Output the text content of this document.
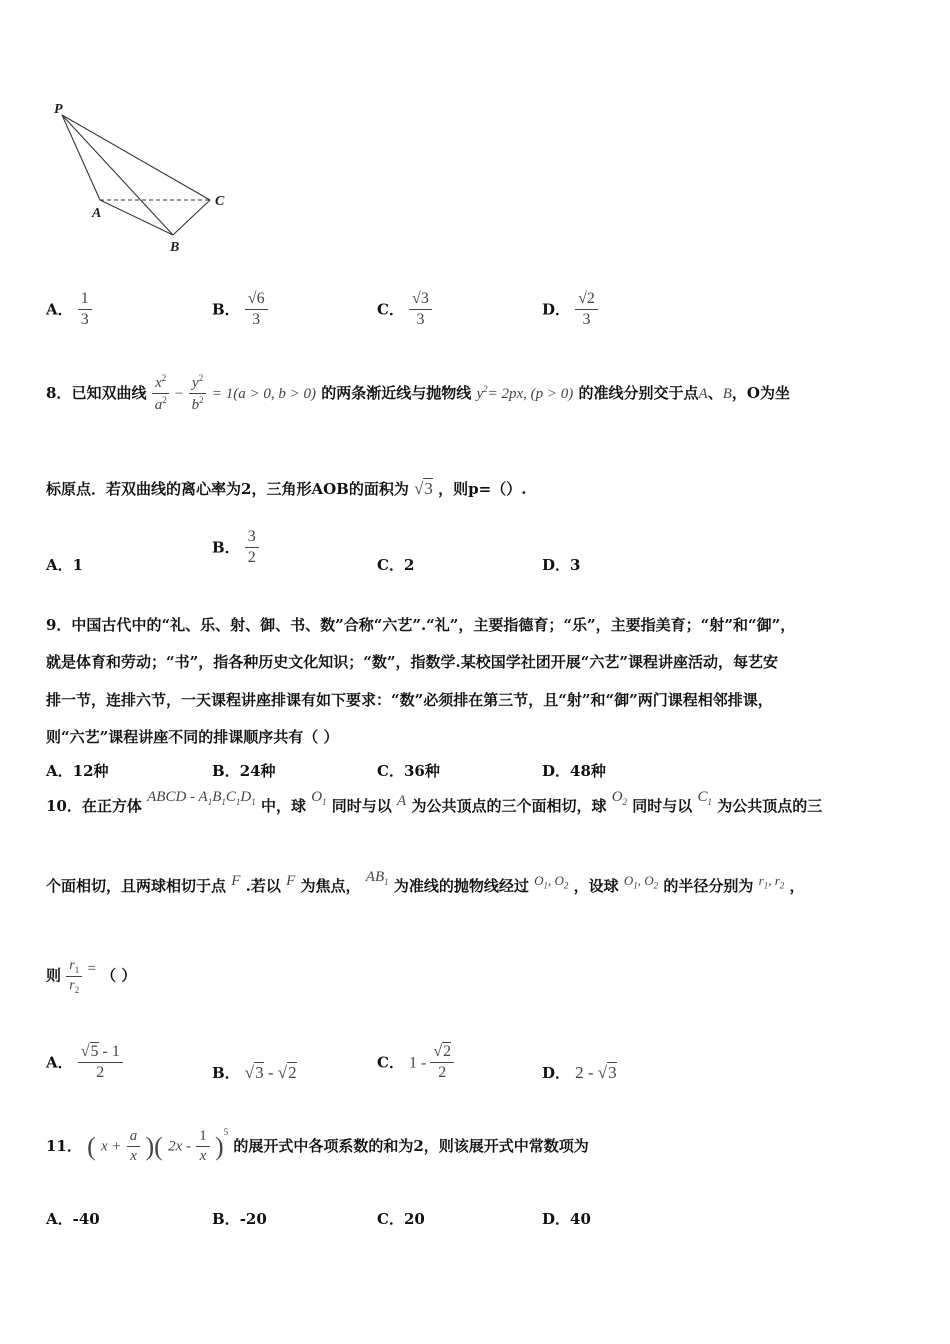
P
A
B
C
A． $\frac{1}{3}$	B． $\frac{√6}{3}$	C． $\frac{√3}{3}$	D． $\frac{√2}{3}$
8．已知双曲线 $\frac{x^2}{a^2} - \frac{y^2}{b^2} = 1(a > 0$, b > 0) 的两条渐近线与抛物线 $y^2= 2px$, (p > 0) 的准线分别交于点A、B，O为坐
标原点．若双曲线的离心率为2，三角形AOB的面积为 √3 ，则p=（）.
A．1
B． $\frac{3}{2}$	C．2	D．3
9．中国古代中的“礼、乐、射、御、书、数”合称“六艺”.“礼”，主要指德育；“乐”，主要指美育；“射”和“御”，
就是体育和劳动；“书”，指各种历史文化知识；“数”，指数学.某校国学社团开展“六艺”课程讲座活动，每艺安
排一节，连排六节，一天课程讲座排课有如下要求：“数”必须排在第三节，且“射”和“御”两门课程相邻排课，
则“六艺”课程讲座不同的排课顺序共有（ ）
A．12种	B．24种	C．36种	D．48种
10．在正方体 ABCD - $A_1B_1C_1D_1$ 中，球 $O_1$ 同时与以 A 为公共顶点的三个面相切，球 $O_2$ 同时与以 $C_1$ 为公共顶点的三
个面相切，且两球相切于点 F .若以 F 为焦点， $AB_1$ 为准线的抛物线经过 $O_1$, $O_2$ ，设球 $O_1$, $O_2$ 的半径分别为 $r_1$, $r_2$ ，
则 $\frac{r_1}{r_2}$ = （ ）
A． $\frac{√5 - 1}{2}$	B． √3 - √2
C． $1 - \frac{√2}{2}$	D． 2 - √3
11． ( $x + \frac{a}{x}$ )( $2x - \frac{1}{x} )^5$ 的展开式中各项系数的和为2，则该展开式中常数项为
A．-40	B．-20	C．20	D．40
